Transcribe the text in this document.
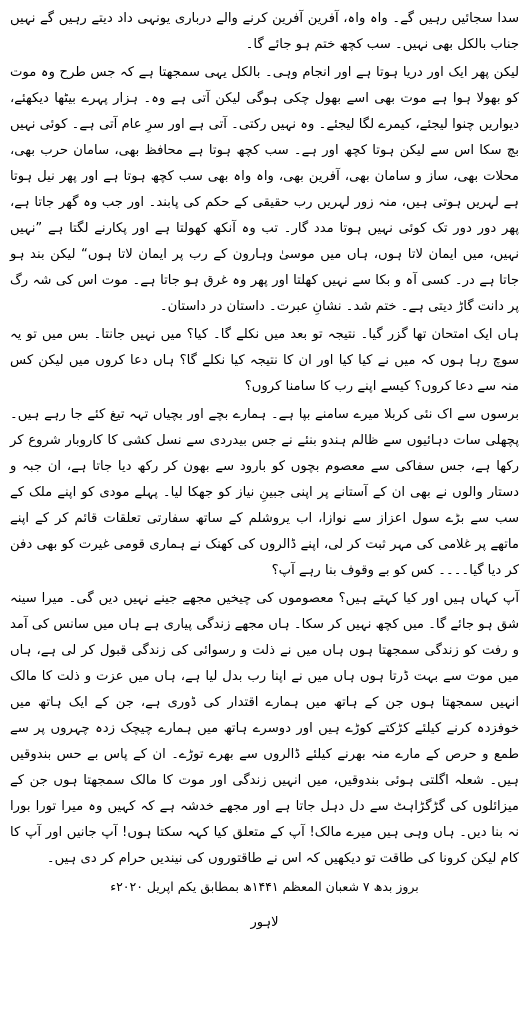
سدا سجائیں رہیں گے۔ واہ واہ، آفرین آفرین کرنے والے درباری یونہی داد دیتے رہیں گے نہیں جناب بالکل بھی نہیں۔ سب کچھ ختم ہو جائے گا۔

لیکن پھر ایک اور دریا ہوتا ہے اور انجام وہی۔ بالکل یہی سمجھتا ہے کہ جس طرح وہ موت کو بھولا ہوا ہے موت بھی اسے بھول چکی ہوگی لیکن آتی ہے وہ۔ ہزار پہرے بیٹھا دیکھئے، دیواریں چنوا لیجئے، کیمرے لگا لیجئے۔ وہ نہیں رکتی۔ آتی ہے اور سرِ عام آتی ہے۔ کوئی نہیں بچ سکا اس سے لیکن ہوتا کچھ اور ہے۔ سب کچھ ہوتا ہے محافظ بھی، سامان حرب بھی، محلات بھی، ساز و سامان بھی، آفرین بھی، واہ واہ بھی سب کچھ ہوتا ہے اور پھر نیل ہوتا ہے لہریں ہوتی ہیں، منہ زور لہریں رب حقیقی کے حکم کی پابند۔ اور جب وہ گھر جاتا ہے، پھر دور دور تک کوئی نہیں ہوتا مدد گار۔ تب وہ آنکھ کھولتا ہے اور پکارنے لگتا ہے ”نہیں نہیں، میں ایمان لاتا ہوں، ہاں میں موسیٰ وہارون کے رب پر ایمان لاتا ہوں“ لیکن بند ہو جاتا ہے در۔ کسی آہ و بکا سے نہیں کھلتا اور پھر وہ غرق ہو جاتا ہے۔ موت اس کی شہ رگ پر دانت گاڑ دیتی ہے۔ ختم شد۔ نشانِ عبرت۔ داستان در داستان۔

ہاں ایک امتحان تھا گزر گیا۔ نتیجہ تو بعد میں نکلے گا۔ کیا؟ میں نہیں جانتا۔ بس میں تو یہ سوچ رہا ہوں کہ میں نے کیا کیا اور ان کا نتیجہ کیا نکلے گا؟ ہاں دعا کروں میں لیکن کس منہ سے دعا کروں؟ کیسے اپنے رب کا سامنا کروں؟

برسوں سے اک نئی کربلا میرے سامنے بپا ہے۔ ہمارے بچے اور بچیاں تہہ تیغ کئے جا رہے ہیں۔ پچھلی سات دہائیوں سے ظالم ہندو بنئے نے جس بیدردی سے نسل کشی کا کاروبار شروع کر رکھا ہے، جس سفاکی سے معصوم بچوں کو بارود سے بھون کر رکھ دیا جاتا ہے، ان جبہ و دستار والوں نے بھی ان کے آستانے پر اپنی جبینِ نیاز کو جھکا لیا۔ پہلے مودی کو اپنے ملک کے سب سے بڑے سول اعزاز سے نوازا، اب یروشلم کے ساتھ سفارتی تعلقات قائم کر کے اپنے ماتھے پر غلامی کی مہر ثبت کر لی، اپنے ڈالروں کی کھنک نے ہماری قومی غیرت کو بھی دفن کر دیا گیا۔۔۔۔ کس کو بے وقوف بنا رہے آپ؟

آپ کہاں ہیں اور کیا کہتے ہیں؟ معصوموں کی چیخیں مجھے جینے نہیں دیں گی۔ میرا سینہ شق ہو جائے گا۔ میں کچھ نہیں کر سکا۔ ہاں مجھے زندگی پیاری ہے ہاں میں سانس کی آمد و رفت کو زندگی سمجھتا ہوں ہاں میں نے ذلت و رسوائی کی زندگی قبول کر لی ہے، ہاں میں موت سے بہت ڈرتا ہوں ہاں میں نے اپنا رب بدل لیا ہے، ہاں میں عزت و ذلت کا مالک انہیں سمجھتا ہوں جن کے ہاتھ میں ہمارے اقتدار کی ڈوری ہے، جن کے ایک ہاتھ میں خوفزدہ کرنے کیلئے کڑکتے کوڑے ہیں اور دوسرے ہاتھ میں ہمارے چیچک زدہ چہروں پر سے طمع و حرص کے مارے منہ بھرنے کیلئے ڈالروں سے بھرے توڑے۔ ان کے پاس بے حس بندوقیں ہیں۔ شعلہ اگلتی ہوئی بندوقیں، میں انہیں زندگی اور موت کا مالک سمجھتا ہوں جن کے میزائلوں کی گڑگڑاہٹ سے دل دہل جاتا ہے اور مجھے خدشہ ہے کہ کہیں وہ میرا تورا بورا نہ بنا دیں۔ ہاں وہی ہیں میرے مالک! آپ کے متعلق کیا کہہ سکتا ہوں! آپ جانیں اور آپ کا کام لیکن کرونا کی طاقت تو دیکھیں کہ اس نے طاقتوروں کی نیندیں حرام کر دی ہیں۔

بروز بدھ ۷ شعبان المعظم ۱۴۴۱ھ بمطابق یکم اپریل ۲۰۲۰ء
لاہور
